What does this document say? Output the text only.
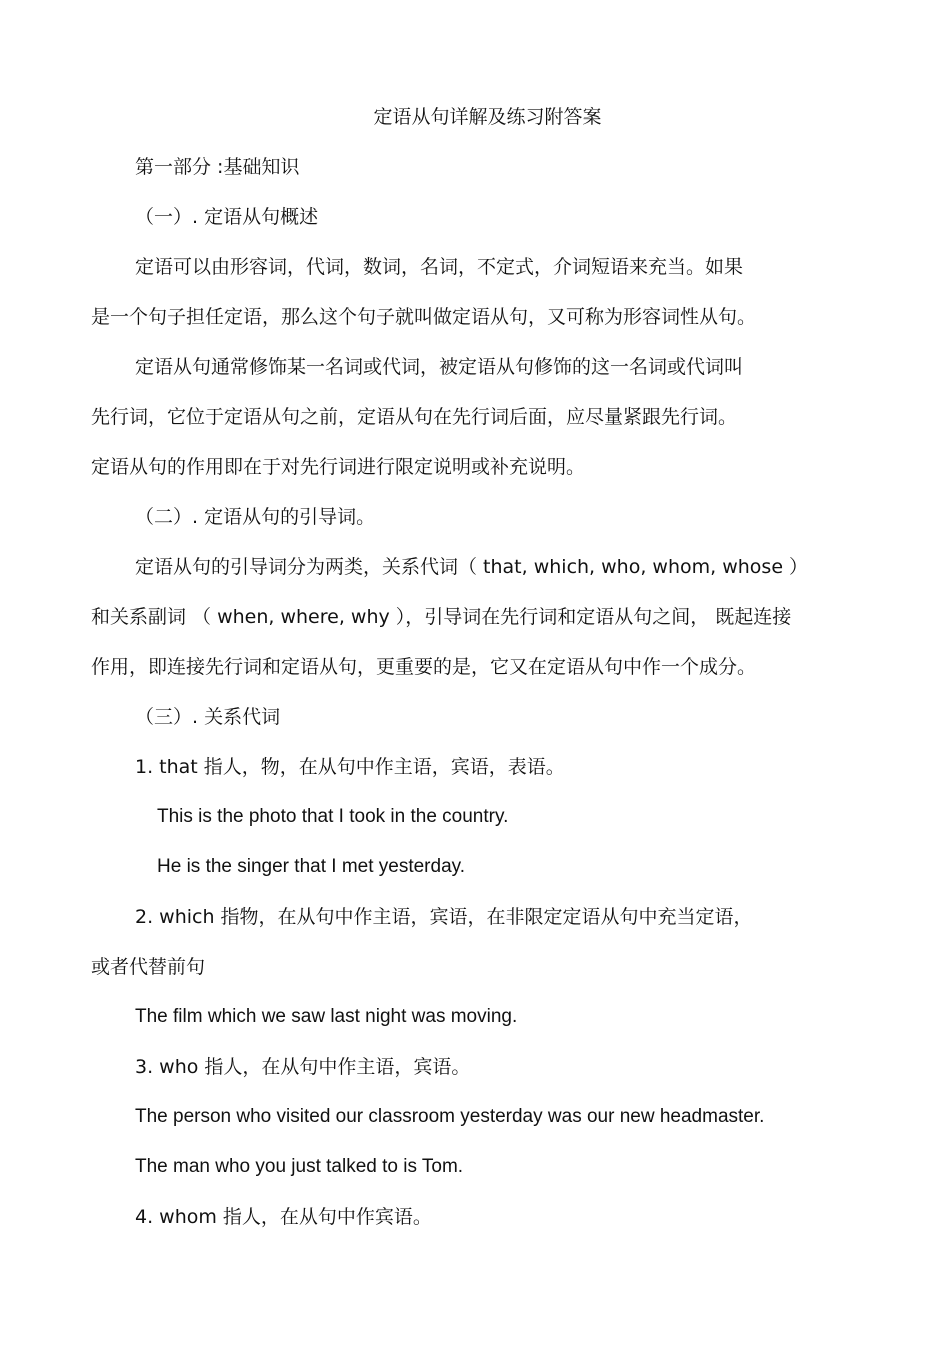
定语从句详解及练习附答案
第一部分 :基础知识
（一）. 定语从句概述
定语可以由形容词，代词，数词，名词，不定式，介词短语来充当。如果
是一个句子担任定语，那么这个句子就叫做定语从句，又可称为形容词性从句。
定语从句通常修饰某一名词或代词，被定语从句修饰的这一名词或代词叫
先行词，它位于定语从句之前，定语从句在先行词后面，应尽量紧跟先行词。
定语从句的作用即在于对先行词进行限定说明或补充说明。
（二）. 定语从句的引导词。
定语从句的引导词分为两类，关系代词（ that, which, who, whom, whose ）
和关系副词 （ when, where, why ），引导词在先行词和定语从句之间， 既起连接
作用，即连接先行词和定语从句，更重要的是，它又在定语从句中作一个成分。
（三）. 关系代词
1. that 指人，物，在从句中作主语，宾语，表语。
This is the photo that I took in the country.
He is the singer that I met yesterday.
2. which 指物，在从句中作主语，宾语，在非限定定语从句中充当定语，
或者代替前句
The film which we saw last night was moving.
3. who 指人，在从句中作主语，宾语。
The person who visited our classroom yesterday was our new headmaster.
The man who you just talked to is Tom.
4. whom 指人，在从句中作宾语。
